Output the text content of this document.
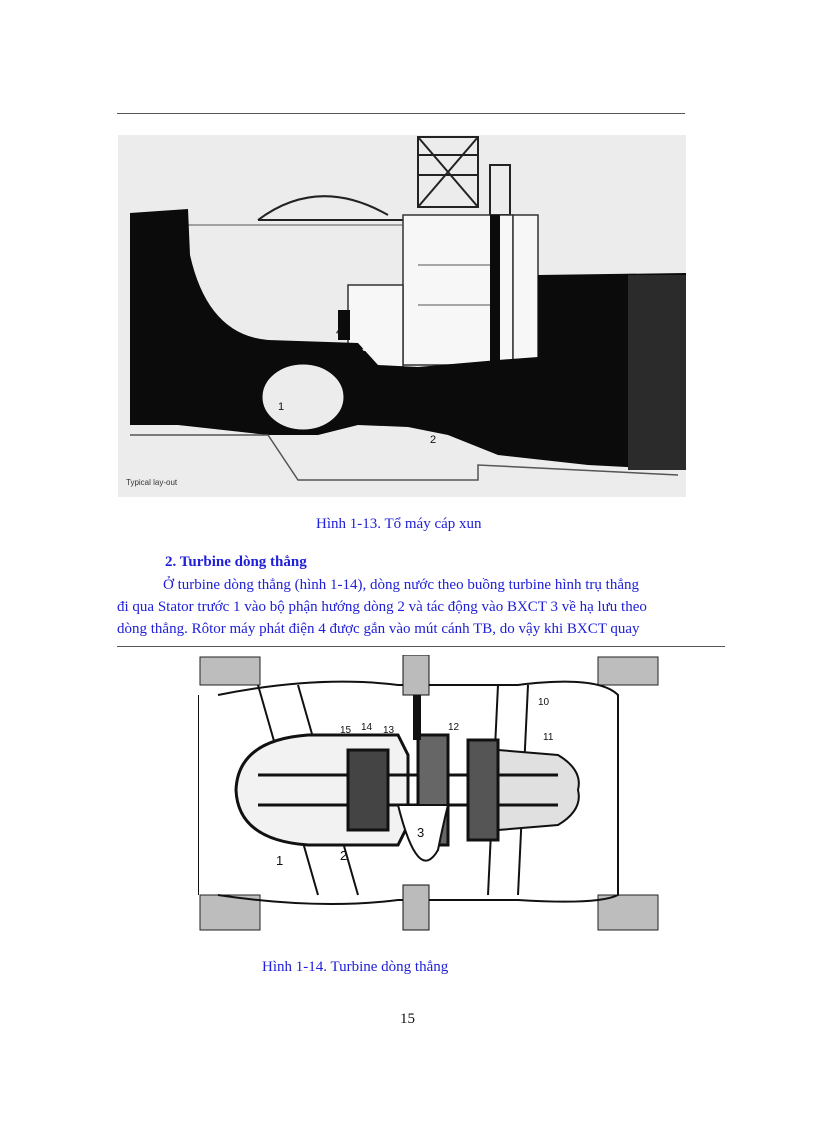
4
1
2
3
Typical lay-out
Hình 1-13. Tổ máy cáp xun
2. Turbine dòng thẳng
Ở turbine dòng thẳng (hình 1-14), dòng nước theo buồng turbine hình trụ thẳng
đi qua Stator trước 1 vào bộ phận hướng dòng 2 và tác động vào BXCT 3 về hạ lưu theo
dòng thẳng. Rôtor máy phát điện 4 được gắn vào mút cánh TB, do vậy khi BXCT quay
1	2
3
10
11
12
13
14
15
Hình 1-14. Turbine dòng thẳng
15
